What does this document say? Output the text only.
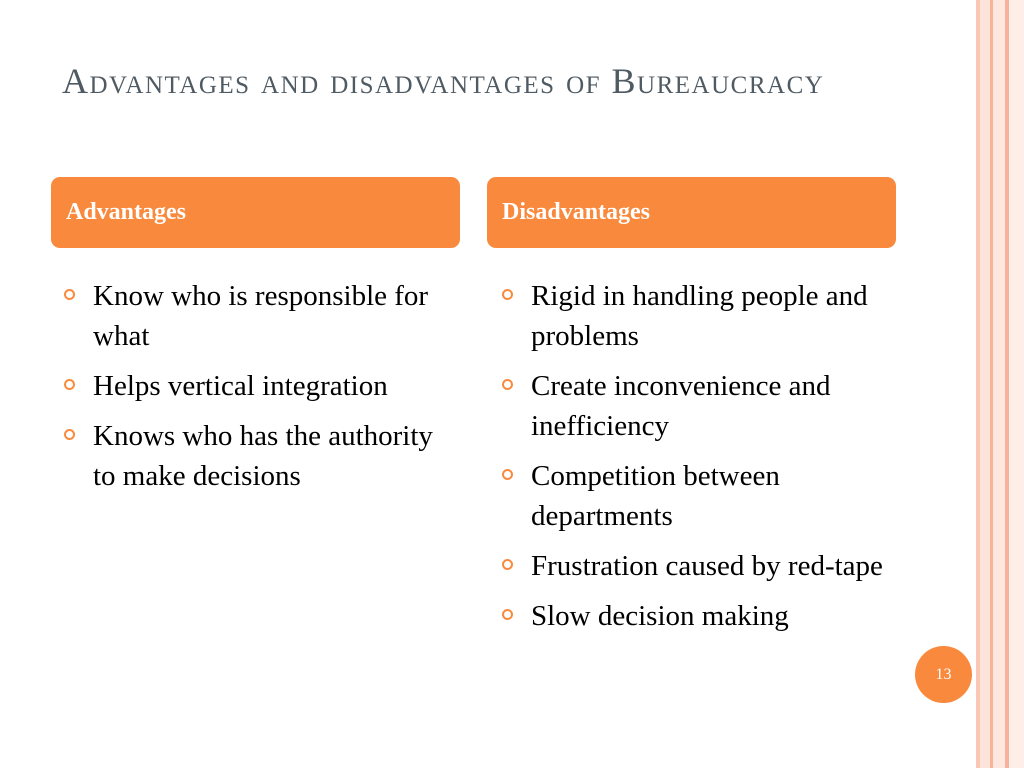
Advantages and disadvantages of Bureaucracy
Advantages	Disadvantages
Know who is responsible for what
Helps vertical integration
Knows who has the authority to make decisions
Rigid in handling people and problems
Create inconvenience and inefficiency
Competition between departments
Frustration caused by red-tape
Slow decision making
13
